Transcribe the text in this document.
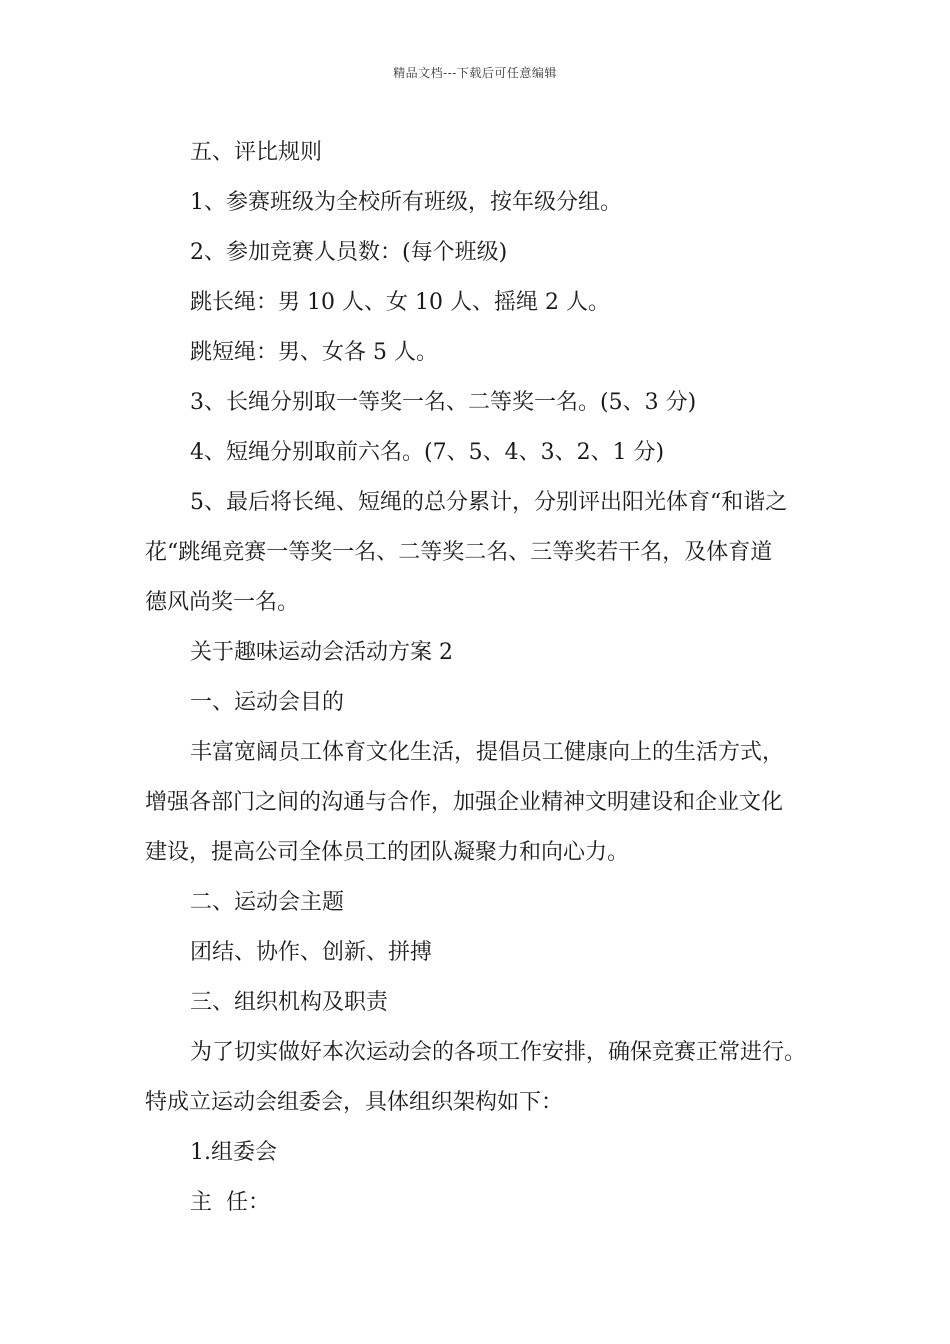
精品文档---下载后可任意编辑

五、评比规则

1、参赛班级为全校所有班级，按年级分组。

2、参加竞赛人员数：(每个班级)

跳长绳：男 10 人、女 10 人、摇绳 2 人。

跳短绳：男、女各 5 人。

3、长绳分别取一等奖一名、二等奖一名。(5、3 分)

4、短绳分别取前六名。(7、5、4、3、2、1 分)

5、最后将长绳、短绳的总分累计，分别评出阳光体育“和谐之

花“跳绳竞赛一等奖一名、二等奖二名、三等奖若干名，及体育道

德风尚奖一名。

关于趣味运动会活动方案 2

一、运动会目的

丰富宽阔员工体育文化生活，提倡员工健康向上的生活方式，

增强各部门之间的沟通与合作，加强企业精神文明建设和企业文化

建设，提高公司全体员工的团队凝聚力和向心力。

二、运动会主题

团结、协作、创新、拼搏

三、组织机构及职责

为了切实做好本次运动会的各项工作安排，确保竞赛正常进行。

特成立运动会组委会，具体组织架构如下：

1.组委会

主  任：
